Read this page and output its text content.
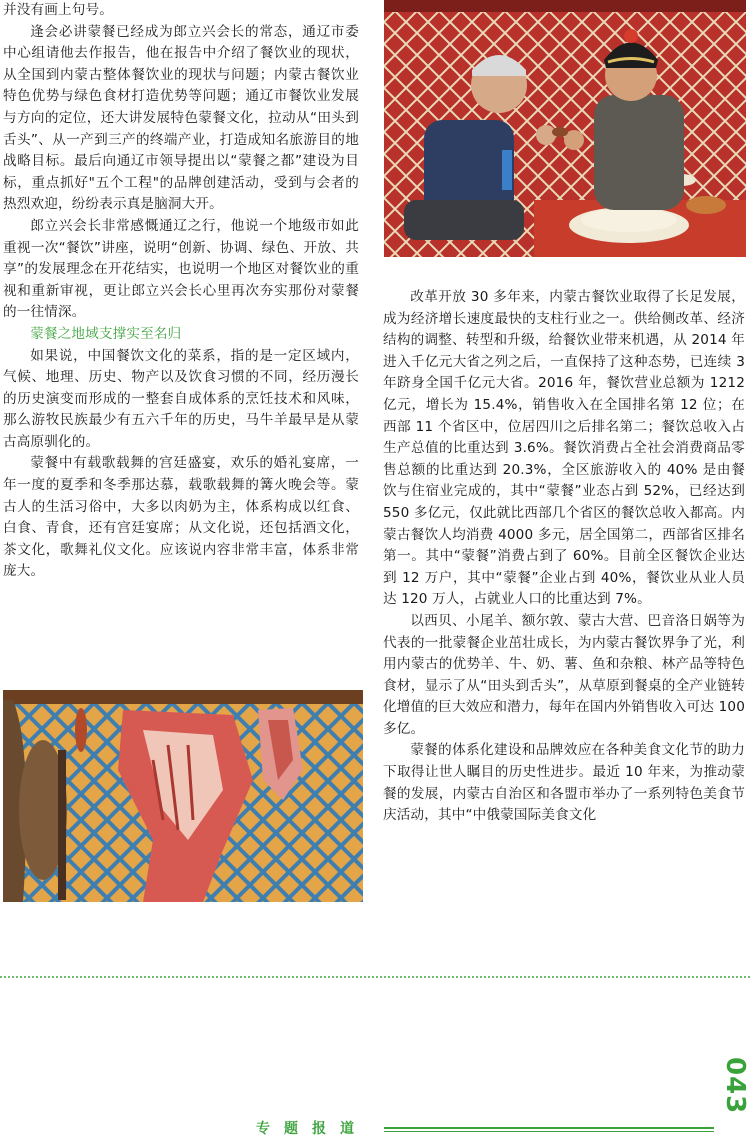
并没有画上句号。

逢会必讲蒙餐已经成为郎立兴会长的常态，通辽市委中心组请他去作报告，他在报告中介绍了餐饮业的现状，从全国到内蒙古整体餐饮业的现状与问题；内蒙古餐饮业特色优势与绿色食材打造优势等问题；通辽市餐饮业发展与方向的定位，还大讲发展特色蒙餐文化，拉动从“田头到舌头”、从一产到三产的终端产业，打造成知名旅游目的地战略目标。最后向通辽市领导提出以“蒙餐之都”建设为目标，重点抓好"五个工程"的品牌创建活动，受到与会者的热烈欢迎，纷纷表示真是脑洞大开。

郎立兴会长非常感慨通辽之行，他说一个地级市如此重视一次“餐饮”讲座，说明“创新、协调、绿色、开放、共享”的发展理念在开花结实，也说明一个地区对餐饮业的重视和重新审视，更让郎立兴会长心里再次夯实那份对蒙餐的一往情深。

蒙餐之地域支撑实至名归

如果说，中国餐饮文化的菜系，指的是一定区域内，气候、地理、历史、物产以及饮食习惯的不同，经历漫长的历史演变而形成的一整套自成体系的烹饪技术和风味，那么游牧民族最少有五六千年的历史，马牛羊最早是从蒙古高原驯化的。

蒙餐中有载歌载舞的宫廷盛宴，欢乐的婚礼宴席，一年一度的夏季和冬季那达慕，载歌载舞的篝火晚会等。蒙古人的生活习俗中，大多以肉奶为主，体系构成以红食、白食、青食，还有宫廷宴席；从文化说，还包括酒文化，茶文化，歌舞礼仪文化。应该说内容非常丰富，体系非常庞大。

改革开放 30 多年来，内蒙古餐饮业取得了长足发展，成为经济增长速度最快的支柱行业之一。供给侧改革、经济结构的调整、转型和升级，给餐饮业带来机遇，从 2014 年进入千亿元大省之列之后，一直保持了这种态势，已连续 3 年跻身全国千亿元大省。2016 年，餐饮营业总额为 1212 亿元，增长为 15.4%，销售收入在全国排名第 12 位；在西部 11 个省区中，位居四川之后排名第二；餐饮总收入占生产总值的比重达到 3.6%。餐饮消费占全社会消费商品零售总额的比重达到 20.3%，全区旅游收入的 40% 是由餐饮与住宿业完成的，其中“蒙餐”业态占到 52%，已经达到 550 多亿元，仅此就比西部几个省区的餐饮总收入都高。内蒙古餐饮人均消费 4000 多元，居全国第二，西部省区排名第一。其中“蒙餐”消费占到了 60%。目前全区餐饮企业达到 12 万户，其中“蒙餐”企业占到 40%，餐饮业从业人员达 120 万人，占就业人口的比重达到 7%。

以西贝、小尾羊、额尔敦、蒙古大营、巴音洛日娲等为代表的一批蒙餐企业茁壮成长，为内蒙古餐饮界争了光，利用内蒙古的优势羊、牛、奶、薯、鱼和杂粮、林产品等特色食材，显示了从“田头到舌头”，从草原到餐桌的全产业链转化增值的巨大效应和潜力，每年在国内外销售收入可达 100 多亿。

蒙餐的体系化建设和品牌效应在各种美食文化节的助力下取得让世人瞩目的历史性进步。最近 10 年来，为推动蒙餐的发展，内蒙古自治区和各盟市举办了一系列特色美食节庆活动，其中“中俄蒙国际美食文化

043
专题报道
